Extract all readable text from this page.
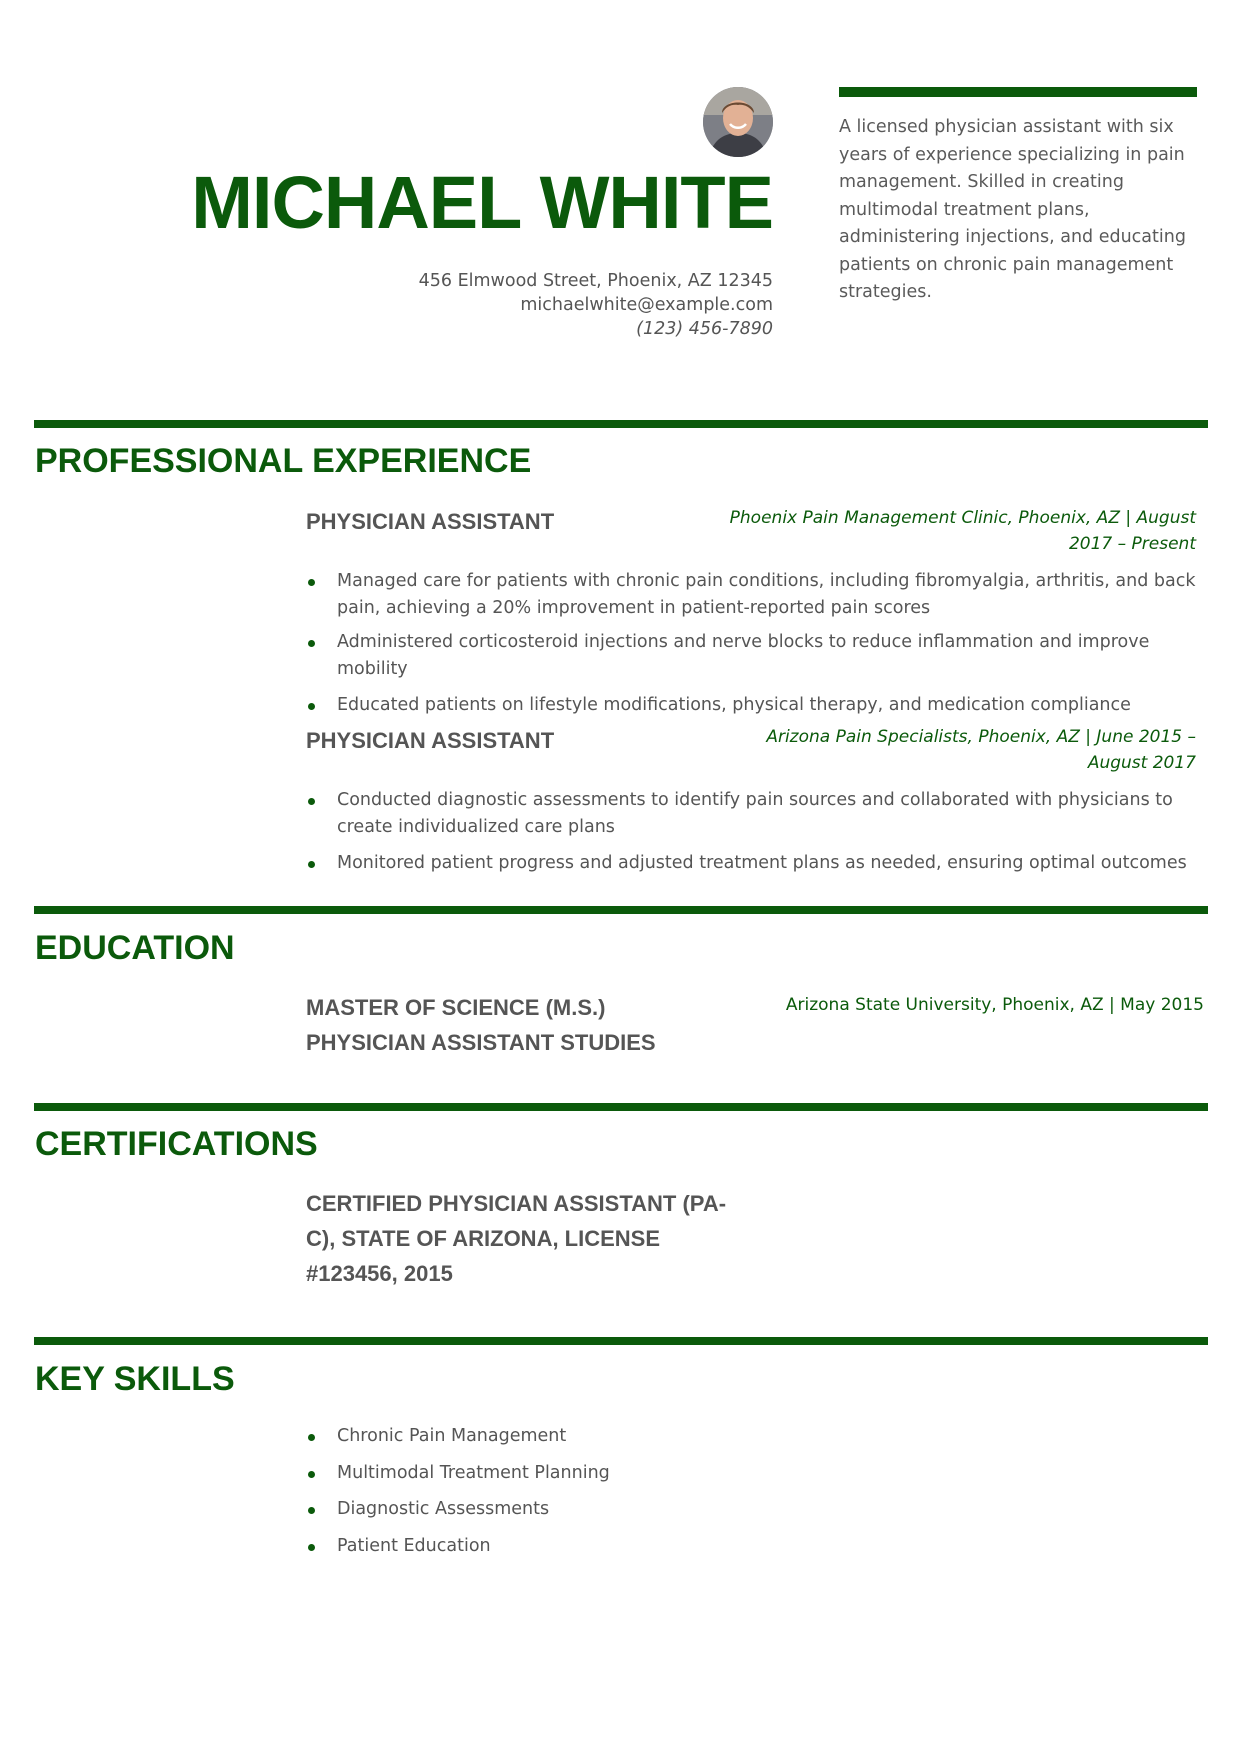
MICHAEL WHITE
456 Elmwood Street, Phoenix, AZ 12345
michaelwhite@example.com
(123) 456-7890
A licensed physician assistant with six years of experience specializing in pain management. Skilled in creating multimodal treatment plans, administering injections, and educating patients on chronic pain management strategies.
PROFESSIONAL EXPERIENCE
PHYSICIAN ASSISTANT	Phoenix Pain Management Clinic, Phoenix, AZ | August 2017 – Present
Managed care for patients with chronic pain conditions, including fibromyalgia, arthritis, and back pain, achieving a 20% improvement in patient-reported pain scores
Administered corticosteroid injections and nerve blocks to reduce inflammation and improve mobility
Educated patients on lifestyle modifications, physical therapy, and medication compliance
PHYSICIAN ASSISTANT	Arizona Pain Specialists, Phoenix, AZ | June 2015 – August 2017
Conducted diagnostic assessments to identify pain sources and collaborated with physicians to create individualized care plans
Monitored patient progress and adjusted treatment plans as needed, ensuring optimal outcomes
EDUCATION
MASTER OF SCIENCE (M.S.)
PHYSICIAN ASSISTANT STUDIES
Arizona State University, Phoenix, AZ | May 2015
CERTIFICATIONS
CERTIFIED PHYSICIAN ASSISTANT (PA-C), STATE OF ARIZONA, LICENSE #123456, 2015
KEY SKILLS
Chronic Pain Management
Multimodal Treatment Planning
Diagnostic Assessments
Patient Education
